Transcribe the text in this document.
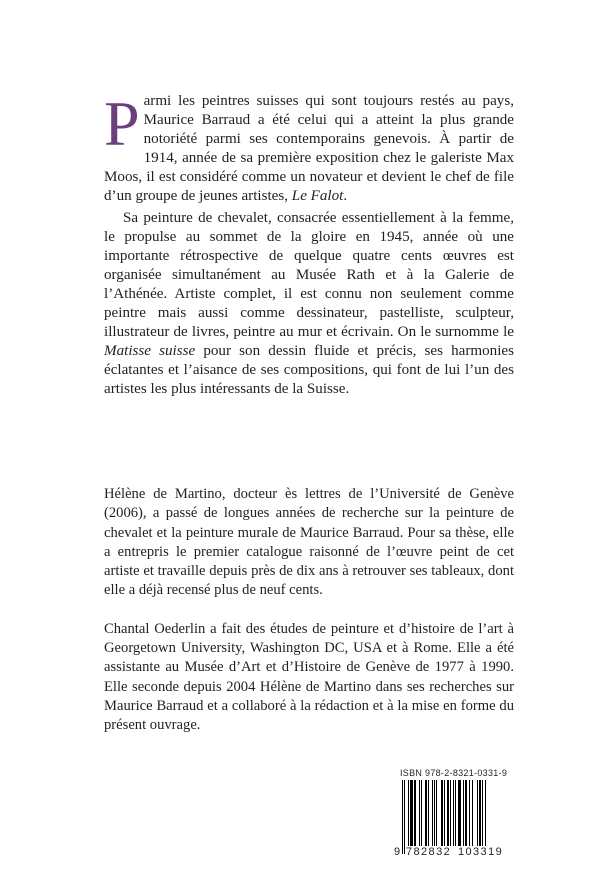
Parmi les peintres suisses qui sont toujours restés au pays, Maurice Barraud a été celui qui a atteint la plus grande notoriété parmi ses contemporains genevois. À partir de 1914, année de sa première exposition chez le galeriste Max Moos, il est considéré comme un novateur et devient le chef de file d’un groupe de jeunes artistes, Le Falot.

Sa peinture de chevalet, consacrée essentiellement à la femme, le propulse au sommet de la gloire en 1945, année où une importante rétrospective de quelque quatre cents œuvres est organisée simultanément au Musée Rath et à la Galerie de l’Athénée. Artiste complet, il est connu non seulement comme peintre mais aussi comme dessinateur, pastelliste, sculpteur, illustrateur de livres, peintre au mur et écrivain. On le surnomme le Matisse suisse pour son dessin fluide et précis, ses harmonies éclatantes et l’aisance de ses compositions, qui font de lui l’un des artistes les plus intéressants de la Suisse.

Hélène de Martino, docteur ès lettres de l’Université de Genève (2006), a passé de longues années de recherche sur la peinture de chevalet et la peinture murale de Maurice Barraud. Pour sa thèse, elle a entrepris le premier catalogue raisonné de l’œuvre peint de cet artiste et travaille depuis près de dix ans à retrouver ses tableaux, dont elle a déjà recensé plus de neuf cents.

Chantal Oederlin a fait des études de peinture et d’histoire de l’art à Georgetown University, Washington DC, USA et à Rome. Elle a été assistante au Musée d’Art et d’Histoire de Genève de 1977 à 1990. Elle seconde depuis 2004 Hélène de Martino dans ses recherches sur Maurice Barraud et a collaboré à la rédaction et à la mise en forme du présent ouvrage.

ISBN 978-2-8321-0331-9
9 782832 103319
